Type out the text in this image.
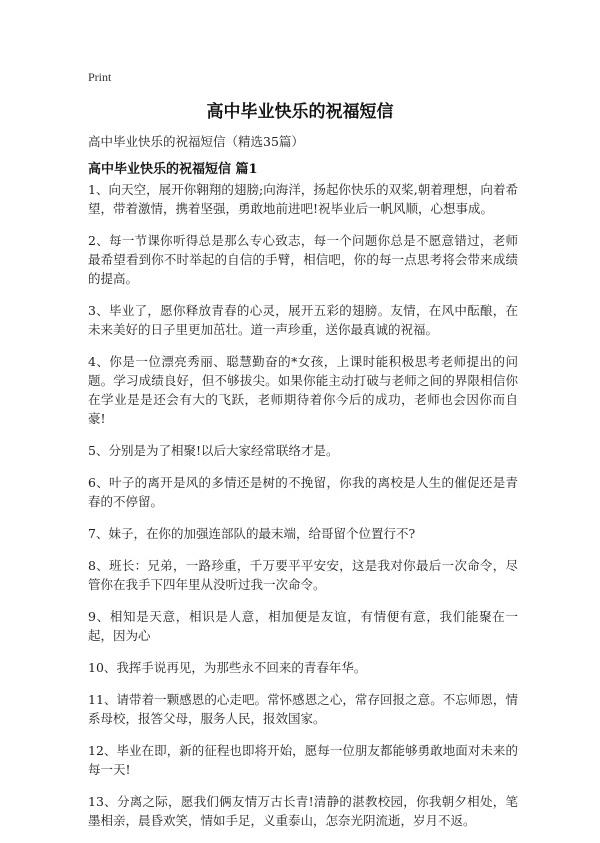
Print
高中毕业快乐的祝福短信
高中毕业快乐的祝福短信（精选35篇）
高中毕业快乐的祝福短信 篇1

1、向天空，展开你翱翔的翅膀;向海洋，扬起你快乐的双桨,朝着理想，向着希望，带着激情，携着坚强，勇敢地前进吧!祝毕业后一帆风顺，心想事成。

2、每一节课你听得总是那么专心致志，每一个问题你总是不愿意错过，老师最希望看到你不时举起的自信的手臂，相信吧，你的每一点思考将会带来成绩的提高。

3、毕业了，愿你释放青春的心灵，展开五彩的翅膀。友情，在风中酝酿，在未来美好的日子里更加茁壮。道一声珍重，送你最真诚的祝福。

4、你是一位漂亮秀丽、聪慧勤奋的*女孩，上课时能积极思考老师提出的问题。学习成绩良好，但不够拔尖。如果你能主动打破与老师之间的界限相信你在学业是是还会有大的飞跃，老师期待着你今后的成功，老师也会因你而自豪!

5、分别是为了相聚!以后大家经常联络才是。

6、叶子的离开是风的多情还是树的不挽留，你我的离校是人生的催促还是青春的不停留。

7、妹子，在你的加强连部队的最末端，给哥留个位置行不?

8、班长：兄弟，一路珍重，千万要平平安安，这是我对你最后一次命令，尽管你在我手下四年里从没听过我一次命令。

9、相知是天意，相识是人意，相加便是友谊，有情便有意，我们能聚在一起，因为心

10、我挥手说再见，为那些永不回来的青春年华。

11、请带着一颗感恩的心走吧。常怀感恩之心，常存回报之意。不忘师恩，情系母校，报答父母，服务人民，报效国家。

12、毕业在即，新的征程也即将开始，愿每一位朋友都能够勇敢地面对未来的每一天!

13、分离之际，愿我们俩友情万古长青!清静的湛教校园，你我朝夕相处，笔墨相亲，晨昏欢笑，情如手足，义重泰山，怎奈光阴流逝，岁月不返。
